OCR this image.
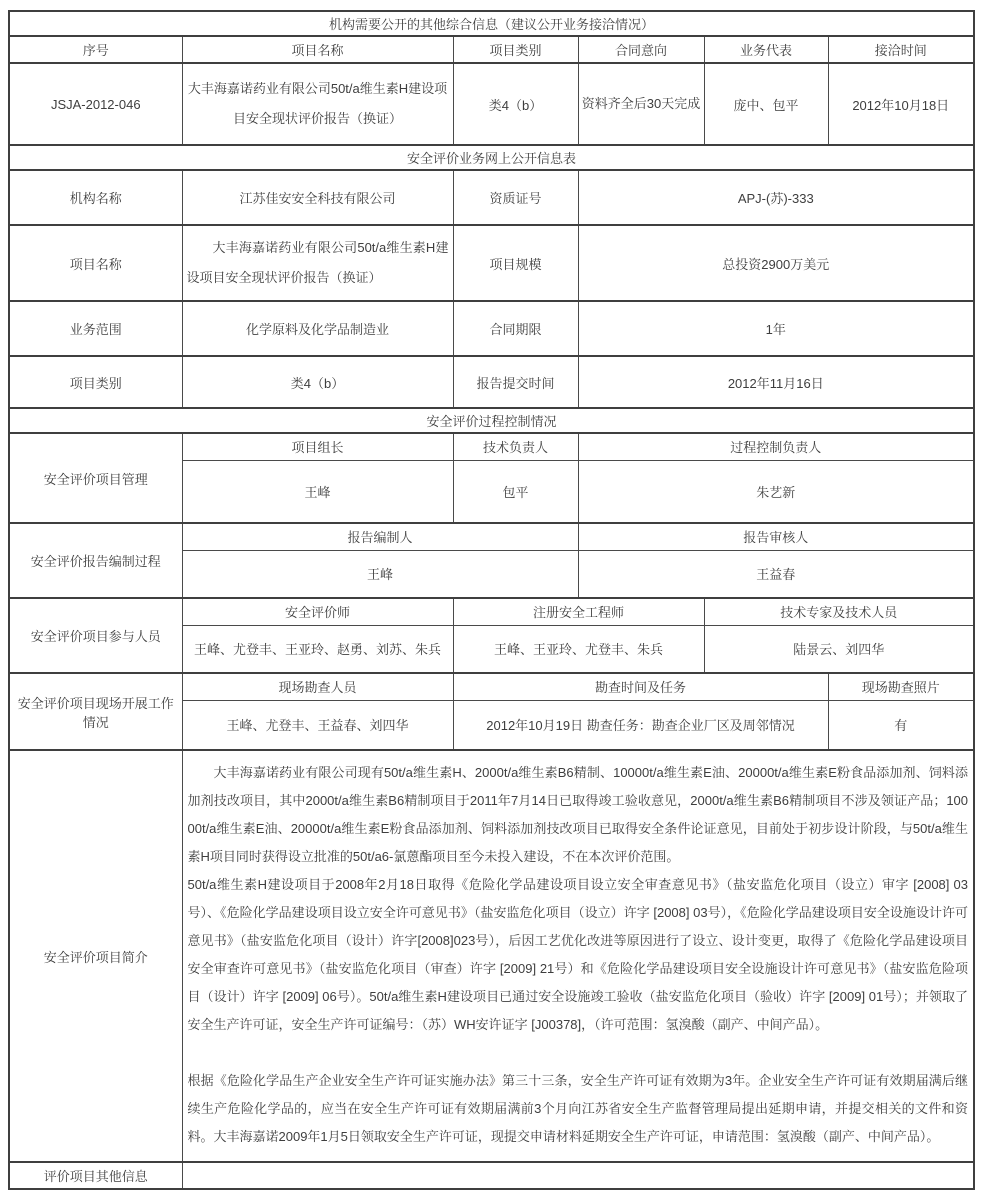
机构需要公开的其他综合信息（建议公开业务接洽情况）					
序号	项目名称	项目类别	合同意向	业务代表	接洽时间
JSJA-2012-046	大丰海嘉诺药业有限公司50t/a维生素H建设项目安全现状评价报告（换证）	类4（b）	资料齐全后30天完成	庞中、包平	2012年10月18日
安全评价业务网上公开信息表					
机构名称	江苏佳安安全科技有限公司	资质证号	APJ-(苏)-333		
项目名称	大丰海嘉诺药业有限公司50t/a维生素H建设项目安全现状评价报告（换证）	项目规模	总投资2900万美元		
业务范围	化学原料及化学品制造业	合同期限	1年		
项目类别	类4（b）	报告提交时间	2012年11月16日		
安全评价过程控制情况					
安全评价项目管理	项目组长	技术负责人	过程控制负责人		
	王峰	包平	朱艺新		
安全评价报告编制过程	报告编制人		报告审核人		
	王峰		王益春		
安全评价项目参与人员	安全评价师	注册安全工程师		技术专家及技术人员	
	王峰、尤登丰、王亚玲、赵勇、刘苏、朱兵	王峰、王亚玲、尤登丰、朱兵		陆景云、刘四华	
安全评价项目现场开展工作情况	现场勘查人员	勘查时间及任务			现场勘查照片
	王峰、尤登丰、王益春、刘四华	2012年10月19日 勘查任务：勘查企业厂区及周邻情况			有
安全评价项目简介	大丰海嘉诺药业有限公司现有50t/a维生素H、2000t/a维生素B6精制、10000t/a维生素E油、20000t/a维生素E粉食品添加剂、饲料添加剂技改项目，其中2000t/a维生素B6精制项目于2011年7月14日已取得竣工验收意见，2000t/a维生素B6精制项目不涉及领证产品；10000t/a维生素E油、20000t/a维生素E粉食品添加剂、饲料添加剂技改项目已取得安全条件论证意见，目前处于初步设计阶段，与50t/a维生素H项目同时获得设立批准的50t/a6-氯蒽酯项目至今未投入建设，不在本次评价范围。

50t/a维生素H建设项目于2008年2月18日取得《危险化学品建设项目设立安全审查意见书》（盐安监危化项目（设立）审字 [2008] 03号）、《危险化学品建设项目设立安全许可意见书》（盐安监危化项目（设立）许字 [2008] 03号），《危险化学品建设项目安全设施设计许可意见书》（盐安监危化项目（设计）许字[2008]023号），后因工艺优化改进等原因进行了设立、设计变更，取得了《危险化学品建设项目安全审查许可意见书》（盐安监危化项目（审查）许字 [2009] 21号）和《危险化学品建设项目安全设施设计许可意见书》（盐安监危险项目（设计）许字 [2009] 06号）。50t/a维生素H建设项目已通过安全设施竣工验收（盐安监危化项目（验收）许字 [2009] 01号）；并领取了安全生产许可证，安全生产许可证编号：（苏）WH安许证字 [J00378]，（许可范围：氢溴酸（副产、中间产品）。

根据《危险化学品生产企业安全生产许可证实施办法》第三十三条，安全生产许可证有效期为3年。企业安全生产许可证有效期届满后继续生产危险化学品的，应当在安全生产许可证有效期届满前3个月向江苏省安全生产监督管理局提出延期申请，并提交相关的文件和资料。大丰海嘉诺2009年1月5日领取安全生产许可证，现提交申请材料延期安全生产许可证，申请范围：氢溴酸（副产、中间产品）。				

评价项目其他信息					
